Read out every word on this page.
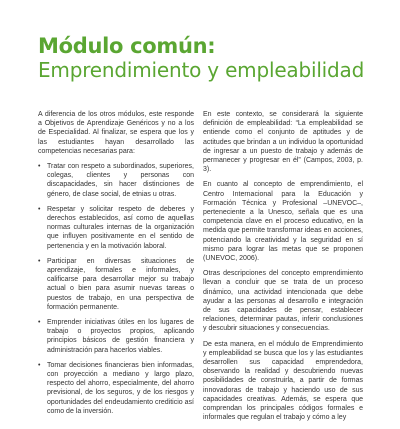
Módulo común:
Emprendimiento y empleabilidad

A diferencia de los otros módulos, este responde a Objetivos de Aprendizaje Genéricos y no a los de Especialidad. Al finalizar, se espera que los y las estudiantes hayan desarrollado las competencias necesarias para:

• Tratar con respeto a subordinados, superiores, colegas, clientes y personas con discapacidades, sin hacer distinciones de género, de clase social, de etnias u otras.
• Respetar y solicitar respeto de deberes y derechos establecidos, así como de aquellas normas culturales internas de la organización que influyen positivamente en el sentido de pertenencia y en la motivación laboral.
• Participar en diversas situaciones de aprendizaje, formales e informales, y calificarse para desarrollar mejor su trabajo actual o bien para asumir nuevas tareas o puestos de trabajo, en una perspectiva de formación permanente.
• Emprender iniciativas útiles en los lugares de trabajo o proyectos propios, aplicando principios básicos de gestión financiera y administración para hacerlos viables.
• Tomar decisiones financieras bien informadas, con proyección a mediano y largo plazo, respecto del ahorro, especialmente, del ahorro previsional, de los seguros, y de los riesgos y oportunidades del endeudamiento crediticio así como de la inversión.

En este contexto, se considerará la siguiente definición de empleabilidad: “La empleabilidad se entiende como el conjunto de aptitudes y de actitudes que brindan a un individuo la oportunidad de ingresar a un puesto de trabajo y además de permanecer y progresar en él” (Campos, 2003, p. 3).

En cuanto al concepto de emprendimiento, el Centro Internacional para la Educación y Formación Técnica y Profesional –UNEVOC–, perteneciente a la Unesco, señala que es una competencia clave en el proceso educativo, en la medida que permite transformar ideas en acciones, potenciando la creatividad y la seguridad en sí mismo para lograr las metas que se proponen (UNEVOC, 2006).

Otras descripciones del concepto emprendimiento llevan a concluir que se trata de un proceso dinámico, una actividad intencionada que debe ayudar a las personas al desarrollo e integración de sus capacidades de pensar, establecer relaciones, determinar pautas, inferir conclusiones y descubrir situaciones y consecuencias.

De esta manera, en el módulo de Emprendimiento y empleabilidad se busca que los y las estudiantes desarrollen sus capacidad emprendedora, observando la realidad y descubriendo nuevas posibilidades de construirla, a partir de formas innovadoras de trabajo y haciendo uso de sus capacidades creativas. Además, se espera que comprendan los principales códigos formales e informales que regulan el trabajo y cómo a ley
